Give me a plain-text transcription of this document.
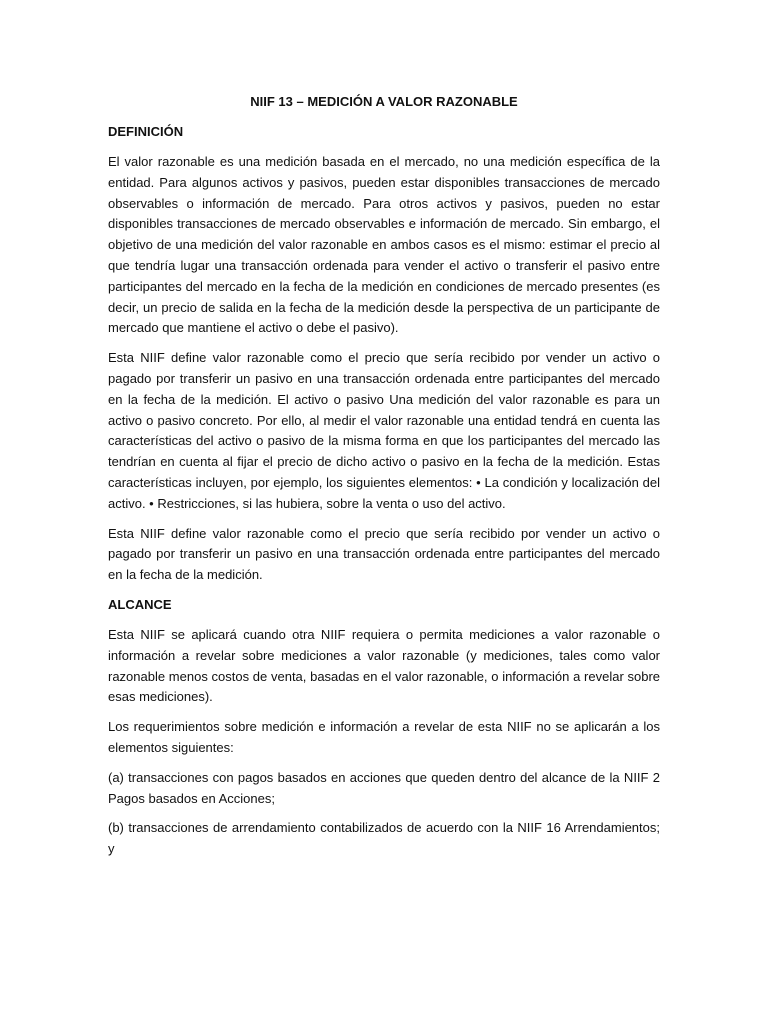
NIIF 13 – MEDICIÓN A VALOR RAZONABLE
DEFINICIÓN

El valor razonable es una medición basada en el mercado, no una medición específica de la entidad. Para algunos activos y pasivos, pueden estar disponibles transacciones de mercado observables o información de mercado. Para otros activos y pasivos, pueden no estar disponibles transacciones de mercado observables e información de mercado. Sin embargo, el objetivo de una medición del valor razonable en ambos casos es el mismo: estimar el precio al que tendría lugar una transacción ordenada para vender el activo o transferir el pasivo entre participantes del mercado en la fecha de la medición en condiciones de mercado presentes (es decir, un precio de salida en la fecha de la medición desde la perspectiva de un participante de mercado que mantiene el activo o debe el pasivo).

Esta NIIF define valor razonable como el precio que sería recibido por vender un activo o pagado por transferir un pasivo en una transacción ordenada entre participantes del mercado en la fecha de la medición. El activo o pasivo Una medición del valor razonable es para un activo o pasivo concreto. Por ello, al medir el valor razonable una entidad tendrá en cuenta las características del activo o pasivo de la misma forma en que los participantes del mercado las tendrían en cuenta al fijar el precio de dicho activo o pasivo en la fecha de la medición. Estas características incluyen, por ejemplo, los siguientes elementos: • La condición y localización del activo. • Restricciones, si las hubiera, sobre la venta o uso del activo.

Esta NIIF define valor razonable como el precio que sería recibido por vender un activo o pagado por transferir un pasivo en una transacción ordenada entre participantes del mercado en la fecha de la medición.

ALCANCE

Esta NIIF se aplicará cuando otra NIIF requiera o permita mediciones a valor razonable o información a revelar sobre mediciones a valor razonable (y mediciones, tales como valor razonable menos costos de venta, basadas en el valor razonable, o información a revelar sobre esas mediciones).

Los requerimientos sobre medición e información a revelar de esta NIIF no se aplicarán a los elementos siguientes:

(a) transacciones con pagos basados en acciones que queden dentro del alcance de la NIIF 2 Pagos basados en Acciones;

(b) transacciones de arrendamiento contabilizados de acuerdo con la NIIF 16 Arrendamientos; y
